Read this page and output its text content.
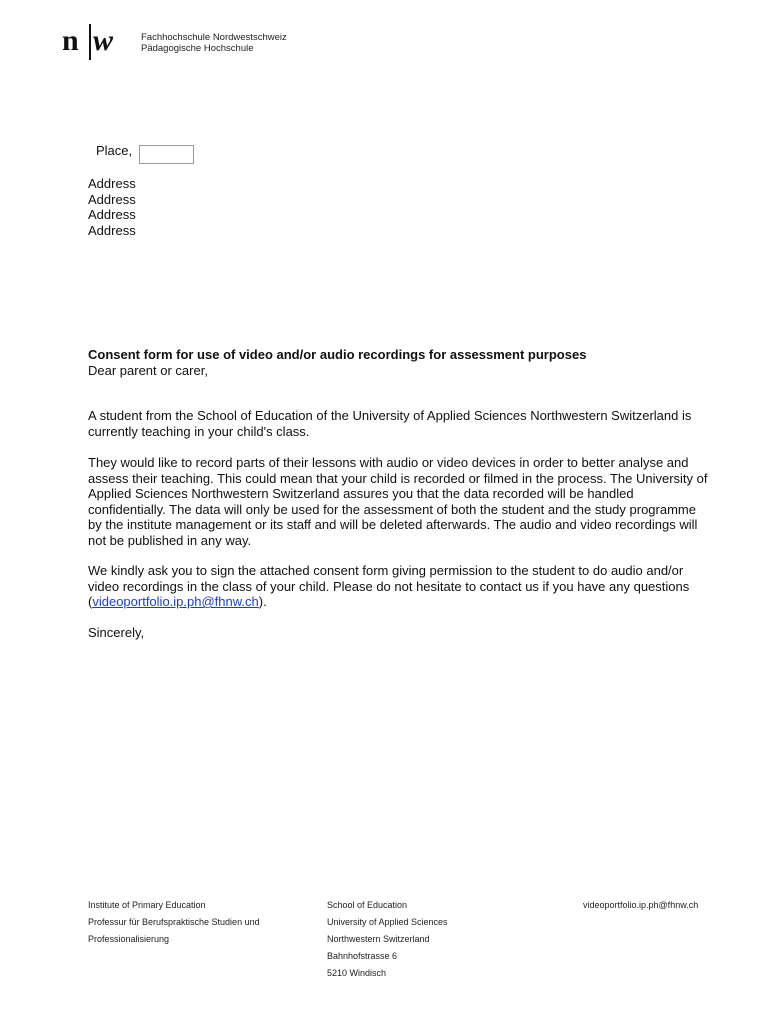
n w	Fachhochschule Nordwestschweiz
Pädagogische Hochschule
Place,
Address
Address
Address
Address
Consent form for use of video and/or audio recordings for assessment purposes
Dear parent or carer,
A student from the School of Education of the University of Applied Sciences Northwestern Switzerland is currently teaching in your child's class.
They would like to record parts of their lessons with audio or video devices in order to better analyse and assess their teaching. This could mean that your child is recorded or filmed in the process. The University of Applied Sciences Northwestern Switzerland assures you that the data recorded will be handled confidentially. The data will only be used for the assessment of both the student and the study programme by the institute management or its staff and will be deleted afterwards. The audio and video recordings will not be published in any way.
We kindly ask you to sign the attached consent form giving permission to the student to do audio and/or video recordings in the class of your child. Please do not hesitate to contact us if you have any questions (videoportfolio.ip.ph@fhnw.ch).
Sincerely,
Institute of Primary Education
Professur für Berufspraktische Studien und
Professionalisierung
School of Education
University of Applied Sciences
Northwestern Switzerland
Bahnhofstrasse 6
5210 Windisch
videoportfolio.ip.ph@fhnw.ch
